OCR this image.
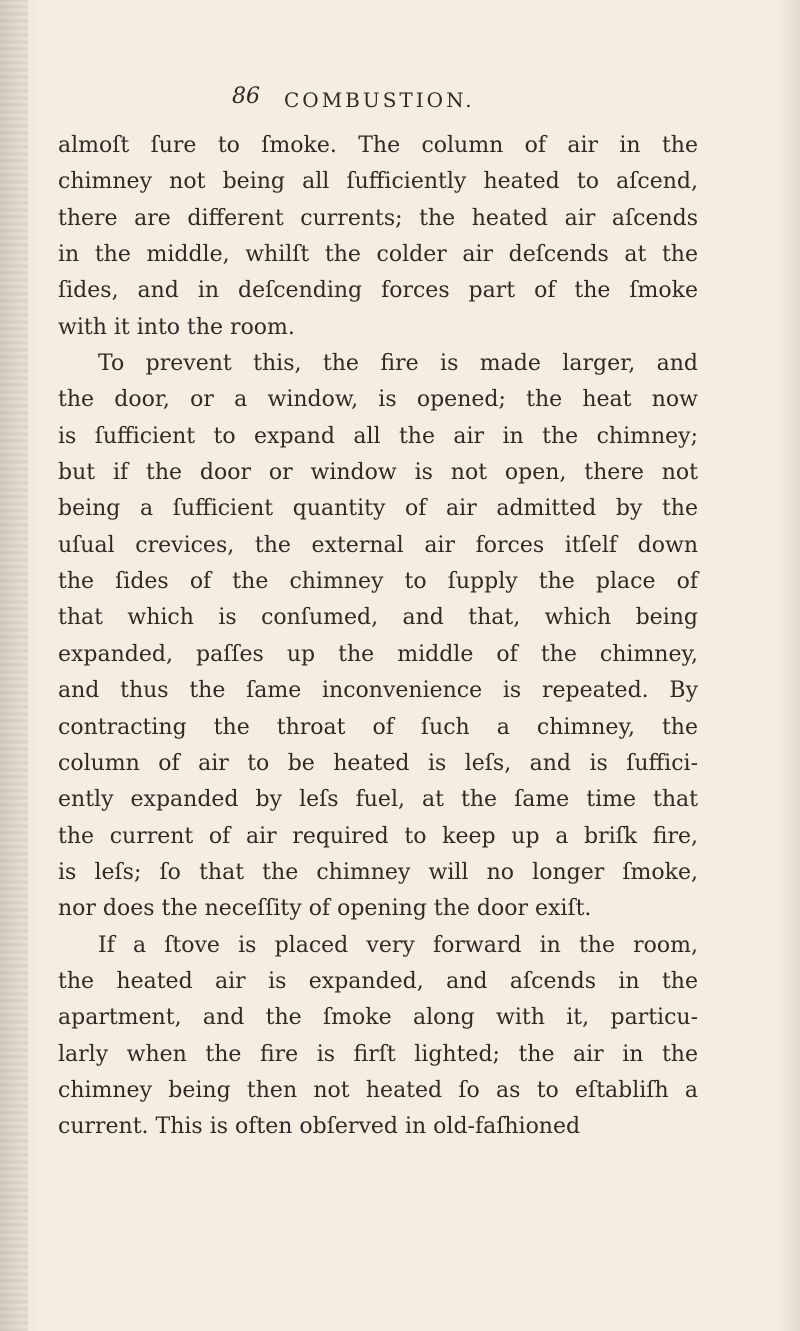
86 COMBUSTION.
almoſt ſure to ſmoke. The column of air in the
chimney not being all ſufficiently heated to aſcend,
there are different currents; the heated air aſcends
in the middle, whilſt the colder air deſcends at the
ſides, and in deſcending forces part of the ſmoke
with it into the room.
To prevent this, the fire is made larger, and
the door, or a window, is opened; the heat now
is ſufficient to expand all the air in the chimney;
but if the door or window is not open, there not
being a ſufficient quantity of air admitted by the
uſual crevices, the external air forces itſelf down
the ſides of the chimney to ſupply the place of
that which is conſumed, and that, which being
expanded, paſſes up the middle of the chimney,
and thus the ſame inconvenience is repeated. By
contracting the throat of ſuch a chimney, the
column of air to be heated is leſs, and is ſuffici-
ently expanded by leſs fuel, at the ſame time that
the current of air required to keep up a briſk fire,
is leſs; ſo that the chimney will no longer ſmoke,
nor does the neceſſity of opening the door exiſt.
If a ſtove is placed very forward in the room,
the heated air is expanded, and aſcends in the
apartment, and the ſmoke along with it, particu-
larly when the fire is firſt lighted; the air in the
chimney being then not heated ſo as to eſtabliſh a
current. This is often obſerved in old-faſhioned
